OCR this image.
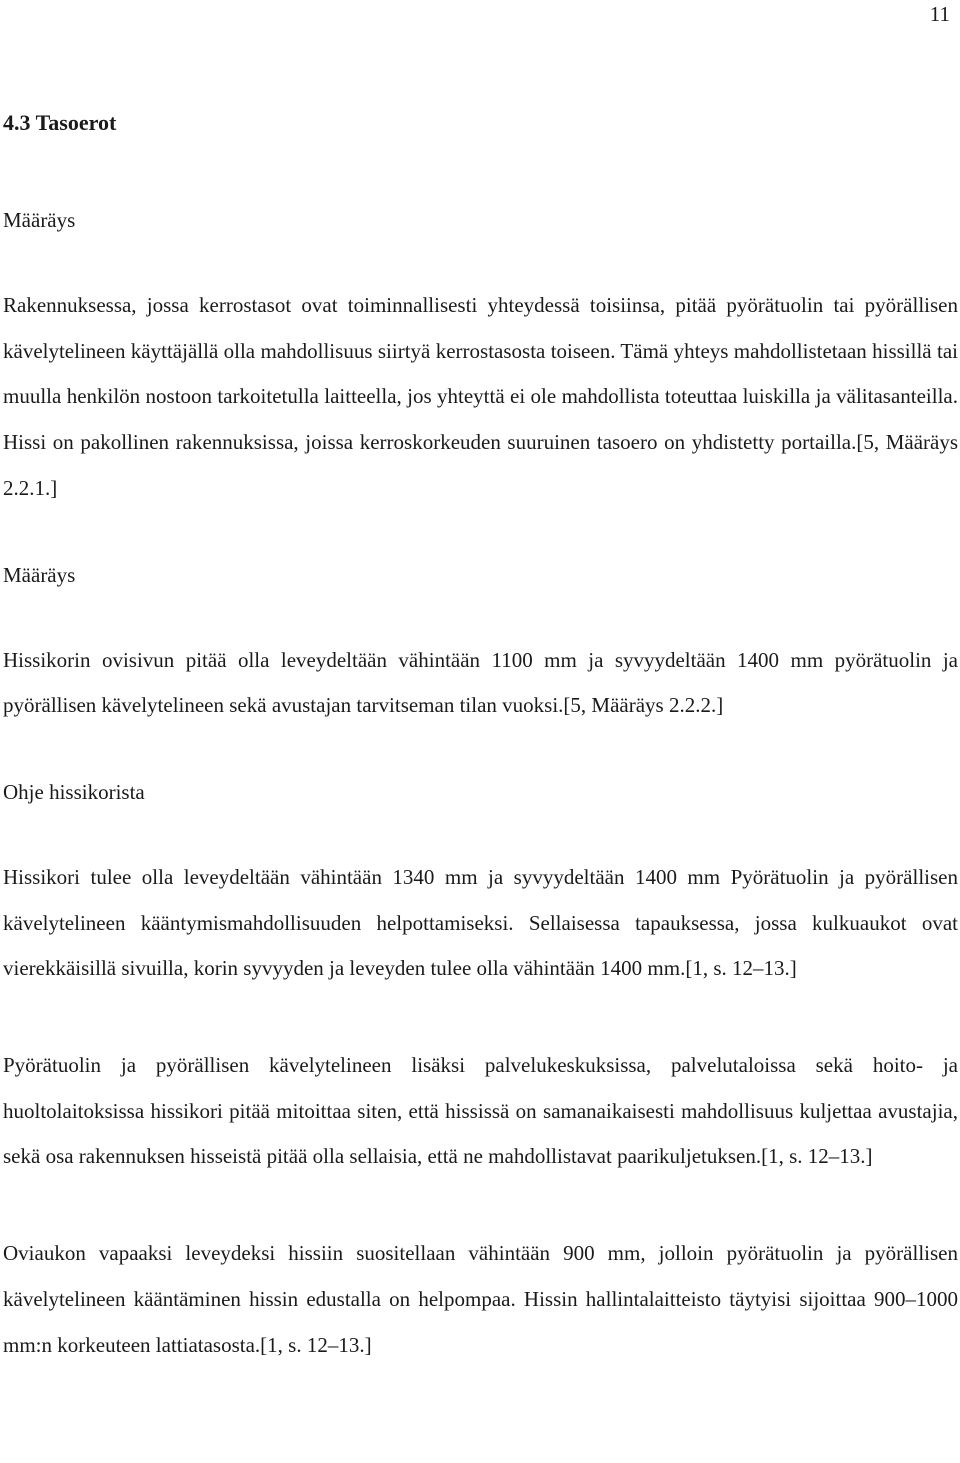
11
4.3 Tasoerot
Määräys

Rakennuksessa, jossa kerrostasot ovat toiminnallisesti yhteydessä toisiinsa, pitää pyörätuolin tai pyörällisen kävelytelineen käyttäjällä olla mahdollisuus siirtyä kerrostasosta toiseen. Tämä yhteys mahdollistetaan hissillä tai muulla henkilön nostoon tarkoitetulla laitteella, jos yhteyttä ei ole mahdollista toteuttaa luiskilla ja välitasanteilla. Hissi on pakollinen rakennuksissa, joissa kerroskorkeuden suuruinen tasoero on yhdistetty portailla.[5, Määräys 2.2.1.]

Määräys

Hissikorin ovisivun pitää olla leveydeltään vähintään 1100 mm ja syvyydeltään 1400 mm pyörätuolin ja pyörällisen kävelytelineen sekä avustajan tarvitseman tilan vuoksi.[5, Määräys 2.2.2.]

Ohje hissikorista

Hissikori tulee olla leveydeltään vähintään 1340 mm ja syvyydeltään 1400 mm Pyörätuolin ja pyörällisen kävelytelineen kääntymismahdollisuuden helpottamiseksi. Sellaisessa tapauksessa, jossa kulkuaukot ovat vierekkäisillä sivuilla, korin syvyyden ja leveyden tulee olla vähintään 1400 mm.[1, s. 12–13.]

Pyörätuolin ja pyörällisen kävelytelineen lisäksi palvelukeskuksissa, palvelutaloissa sekä hoito- ja huoltolaitoksissa hissikori pitää mitoittaa siten, että hississä on samanaikaisesti mahdollisuus kuljettaa avustajia, sekä osa rakennuksen hisseistä pitää olla sellaisia, että ne mahdollistavat paarikuljetuksen.[1, s. 12–13.]

Oviaukon vapaaksi leveydeksi hissiin suositellaan vähintään 900 mm, jolloin pyörätuolin ja pyörällisen kävelytelineen kääntäminen hissin edustalla on helpompaa. Hissin hallintalaitteisto täytyisi sijoittaa 900–1000 mm:n korkeuteen lattiatasosta.[1, s. 12–13.]
